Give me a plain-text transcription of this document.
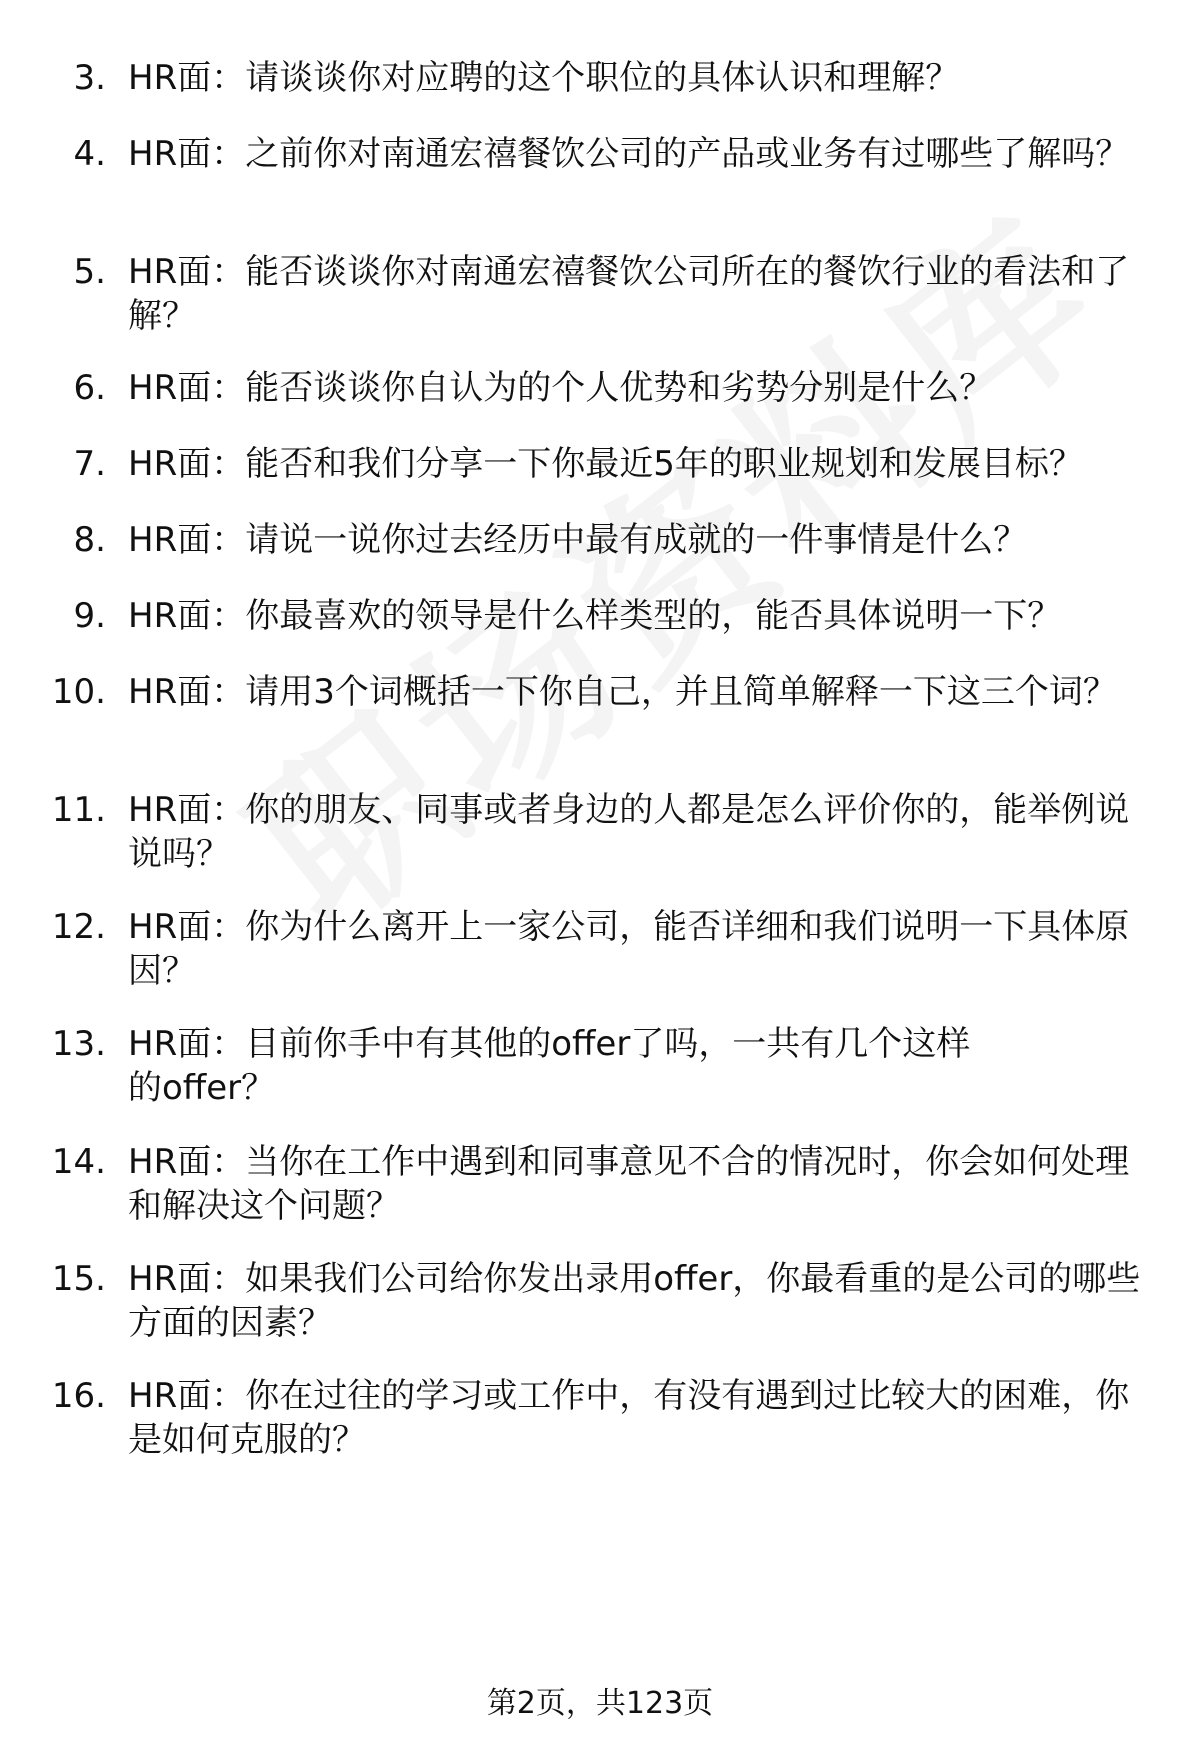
3. HR面：请谈谈你对应聘的这个职位的具体认识和理解？
4. HR面：之前你对南通宏禧餐饮公司的产品或业务有过哪些了解吗？
5. HR面：能否谈谈你对南通宏禧餐饮公司所在的餐饮行业的看法和了解？
6. HR面：能否谈谈你自认为的个人优势和劣势分别是什么？
7. HR面：能否和我们分享一下你最近5年的职业规划和发展目标？
8. HR面：请说一说你过去经历中最有成就的一件事情是什么？
9. HR面：你最喜欢的领导是什么样类型的，能否具体说明一下？
10. HR面：请用3个词概括一下你自己，并且简单解释一下这三个词？
11. HR面：你的朋友、同事或者身边的人都是怎么评价你的，能举例说说吗？
12. HR面：你为什么离开上一家公司，能否详细和我们说明一下具体原因？
13. HR面：目前你手中有其他的offer了吗，一共有几个这样的offer？
14. HR面：当你在工作中遇到和同事意见不合的情况时，你会如何处理和解决这个问题？
15. HR面：如果我们公司给你发出录用offer，你最看重的是公司的哪些方面的因素？
16. HR面：你在过往的学习或工作中，有没有遇到过比较大的困难，你是如何克服的？
第2页，共123页
